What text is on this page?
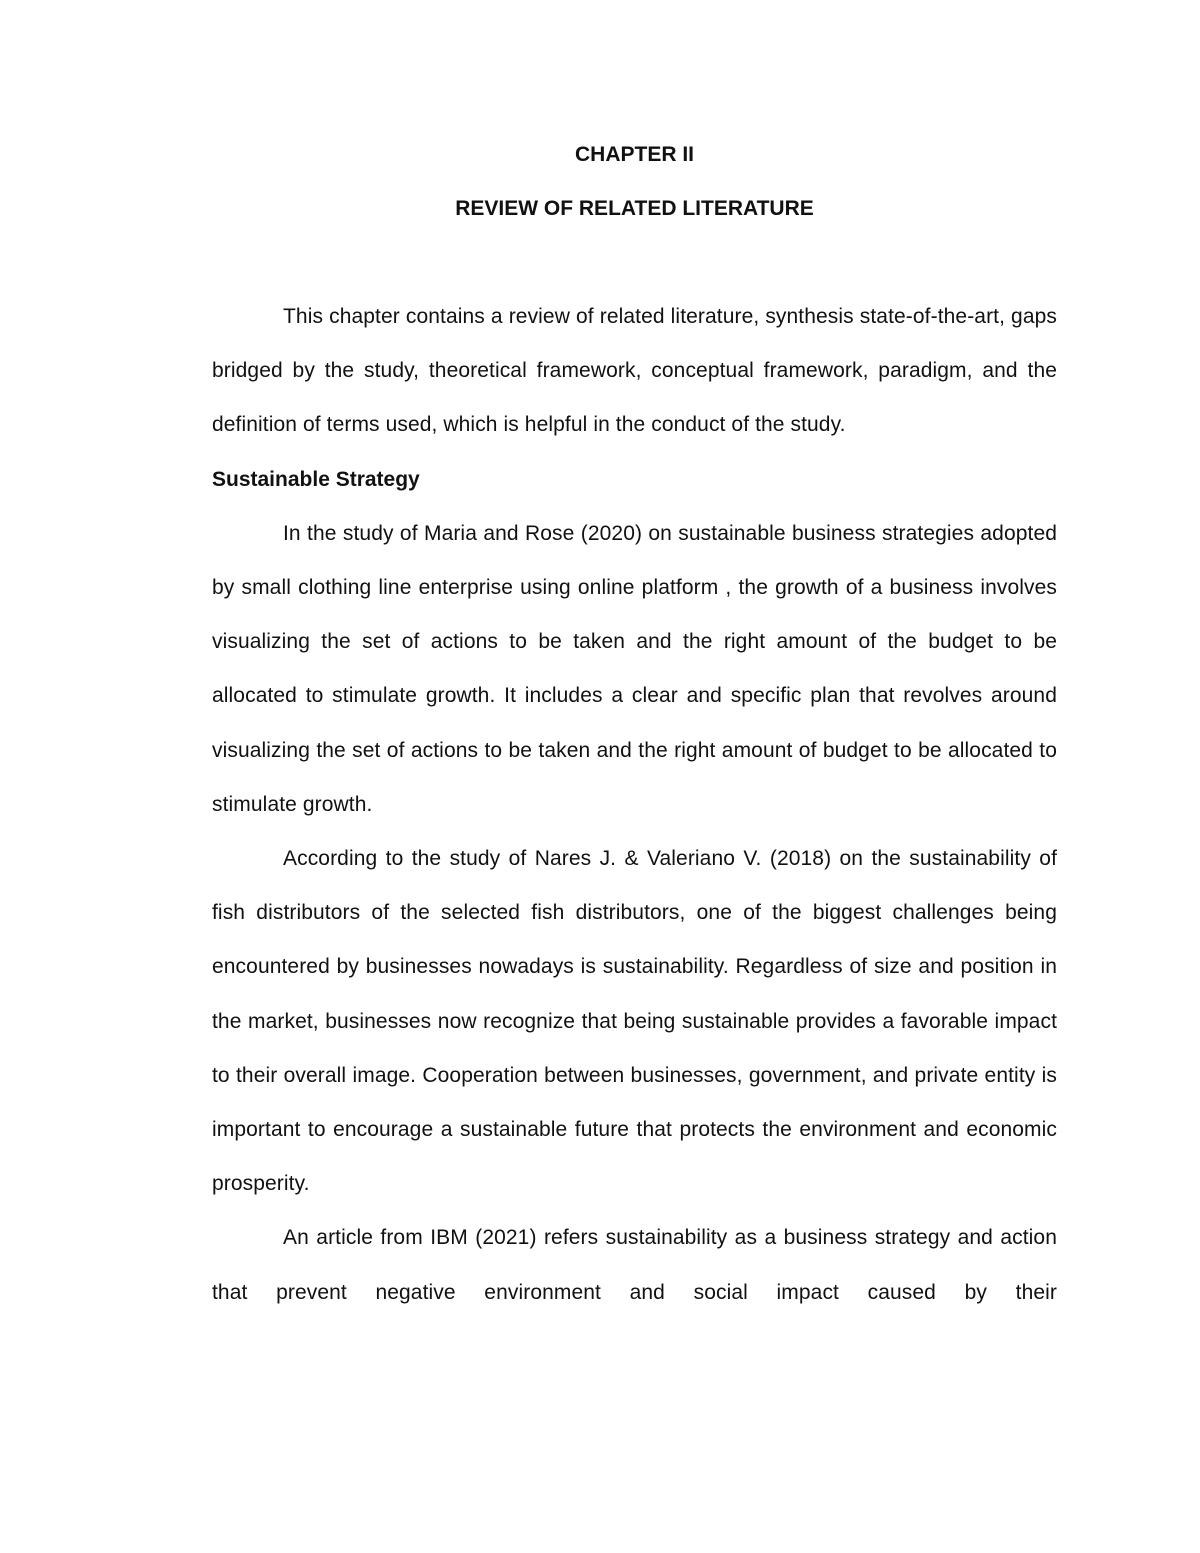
CHAPTER II

REVIEW OF RELATED LITERATURE

This chapter contains a review of related literature, synthesis state-of-the-art, gaps bridged by the study, theoretical framework, conceptual framework, paradigm, and the definition of terms used, which is helpful in the conduct of the study.

Sustainable Strategy

In the study of Maria and Rose (2020) on sustainable business strategies adopted by small clothing line enterprise using online platform , the growth of a business involves visualizing the set of actions to be taken and the right amount of the budget to be allocated to stimulate growth. It includes a clear and specific plan that revolves around visualizing the set of actions to be taken and the right amount of budget to be allocated to stimulate growth.

According to the study of Nares J. & Valeriano V. (2018) on the sustainability of fish distributors of the selected fish distributors, one of the biggest challenges being encountered by businesses nowadays is sustainability. Regardless of size and position in the market, businesses now recognize that being sustainable provides a favorable impact to their overall image. Cooperation between businesses, government, and private entity is important to encourage a sustainable future that protects the environment and economic prosperity.

An article from IBM (2021) refers sustainability as a business strategy and action that prevent negative environment and social impact caused by their
